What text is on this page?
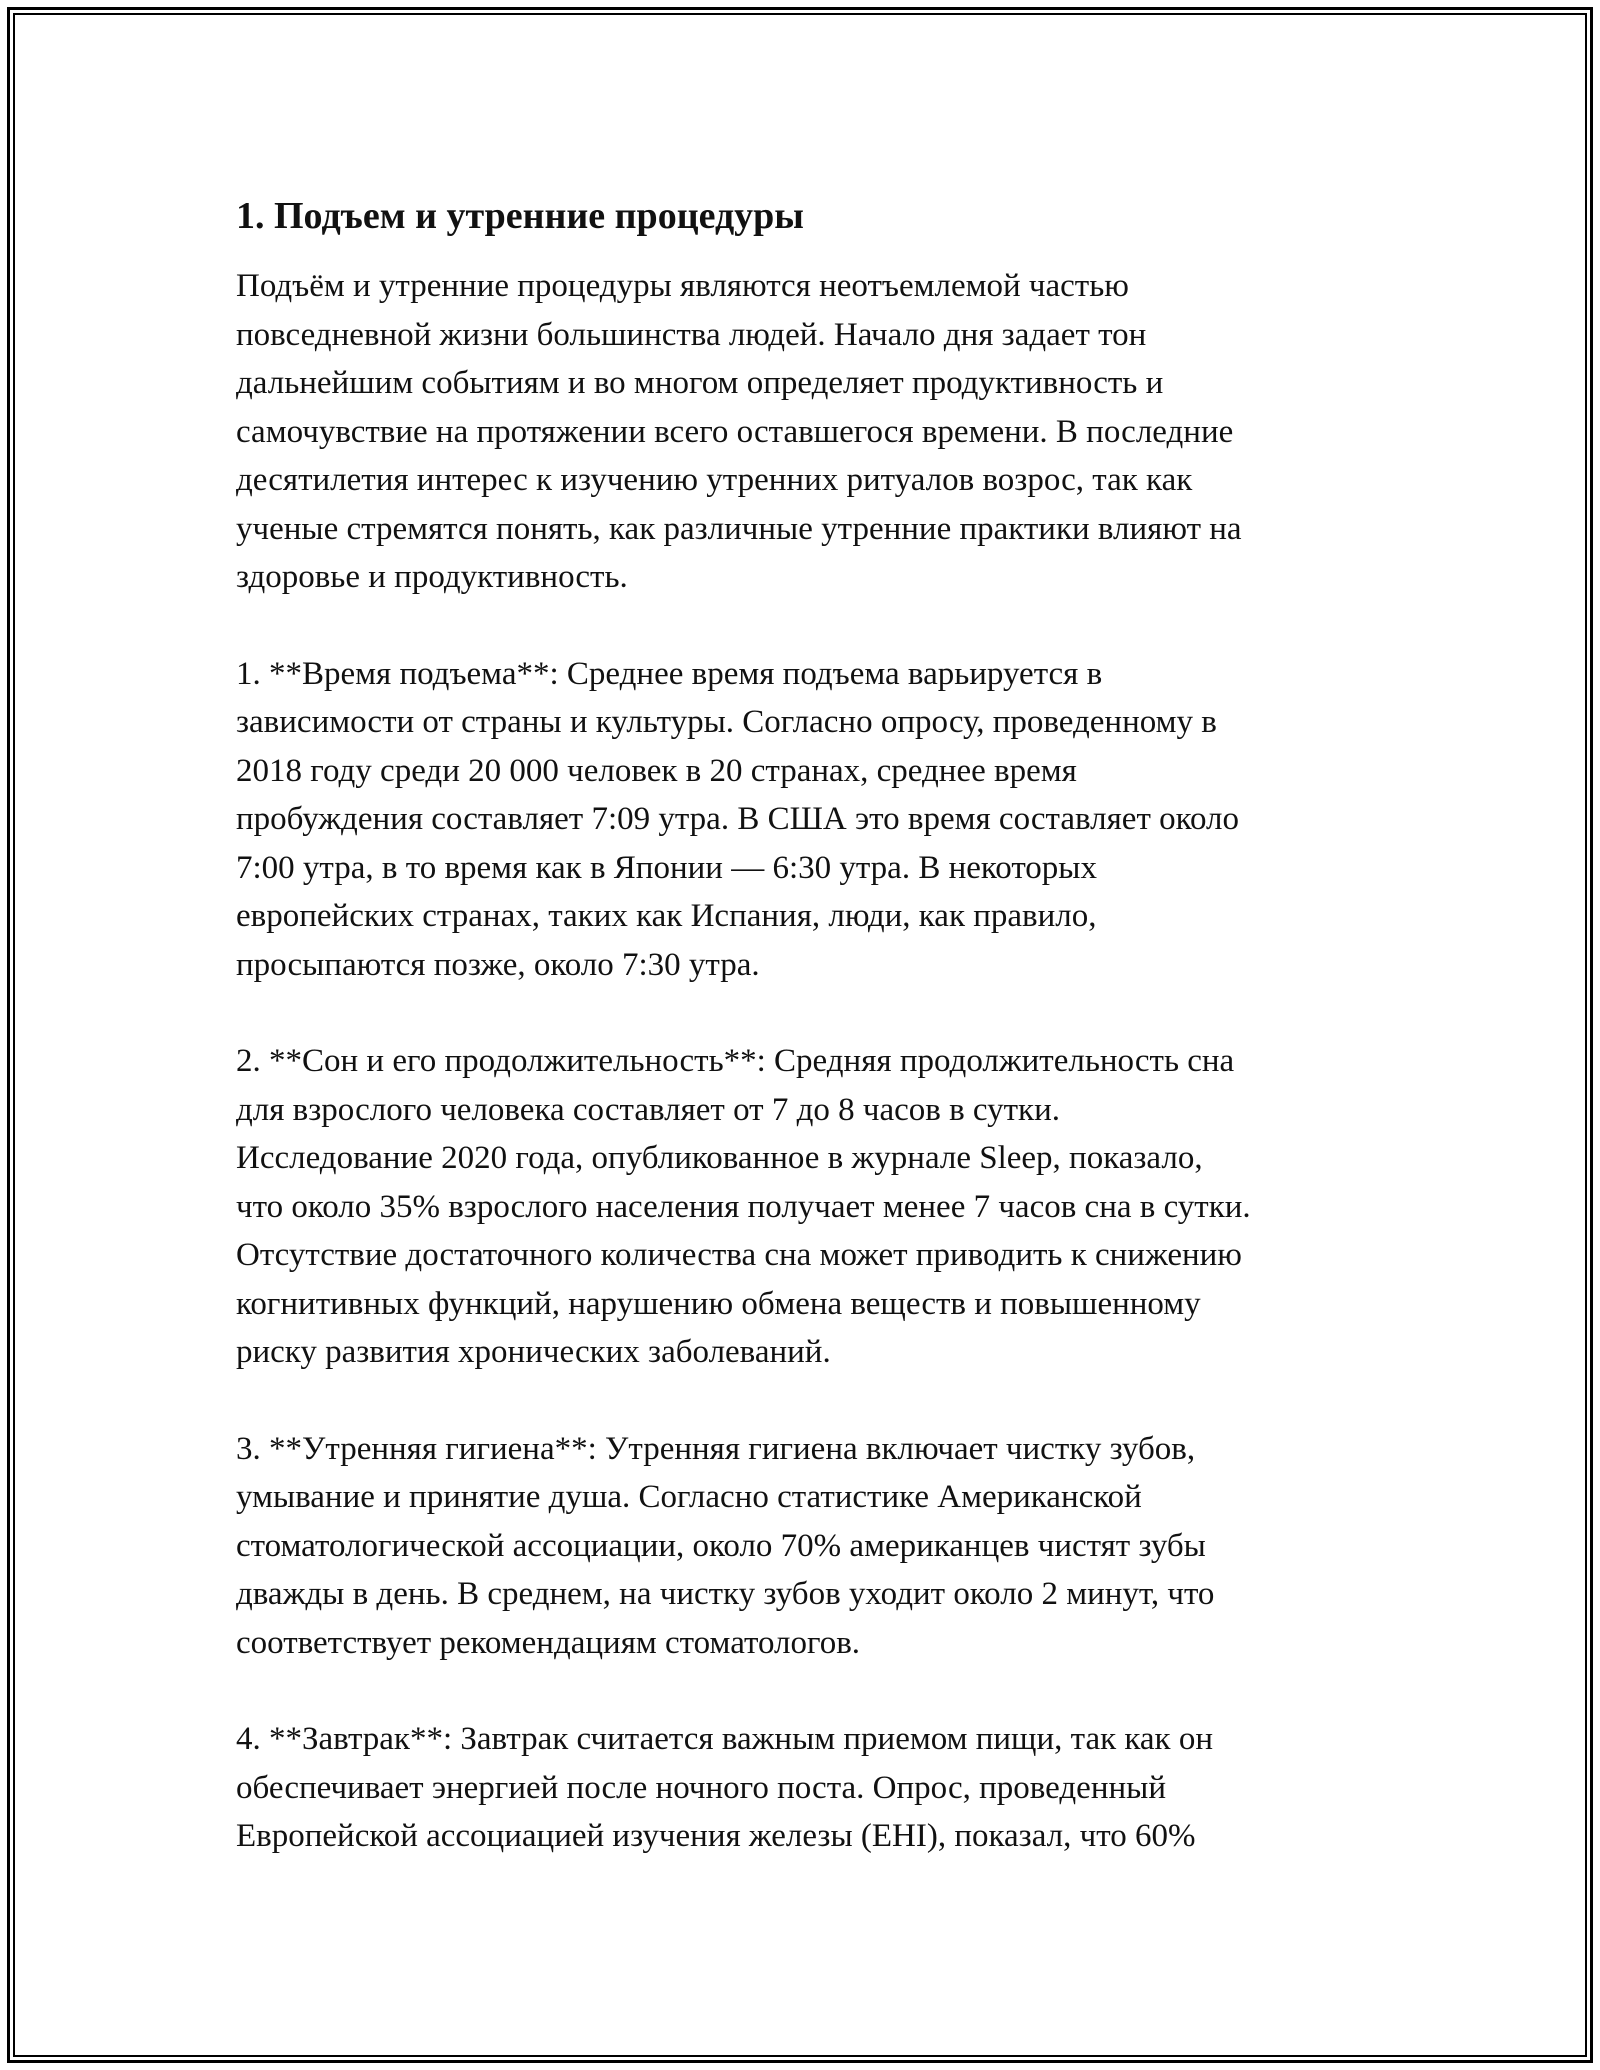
1. Подъем и утренние процедуры

Подъём и утренние процедуры являются неотъемлемой частью
повседневной жизни большинства людей. Начало дня задает тон
дальнейшим событиям и во многом определяет продуктивность и
самочувствие на протяжении всего оставшегося времени. В последние
десятилетия интерес к изучению утренних ритуалов возрос, так как
ученые стремятся понять, как различные утренние практики влияют на
здоровье и продуктивность.

1. **Время подъема**: Среднее время подъема варьируется в
зависимости от страны и культуры. Согласно опросу, проведенному в
2018 году среди 20 000 человек в 20 странах, среднее время
пробуждения составляет 7:09 утра. В США это время составляет около
7:00 утра, в то время как в Японии — 6:30 утра. В некоторых
европейских странах, таких как Испания, люди, как правило,
просыпаются позже, около 7:30 утра.

2. **Сон и его продолжительность**: Средняя продолжительность сна
для взрослого человека составляет от 7 до 8 часов в сутки.
Исследование 2020 года, опубликованное в журнале Sleep, показало,
что около 35% взрослого населения получает менее 7 часов сна в сутки.
Отсутствие достаточного количества сна может приводить к снижению
когнитивных функций, нарушению обмена веществ и повышенному
риску развития хронических заболеваний.

3. **Утренняя гигиена**: Утренняя гигиена включает чистку зубов,
умывание и принятие душа. Согласно статистике Американской
стоматологической ассоциации, около 70% американцев чистят зубы
дважды в день. В среднем, на чистку зубов уходит около 2 минут, что
соответствует рекомендациям стоматологов.

4. **Завтрак**: Завтрак считается важным приемом пищи, так как он
обеспечивает энергией после ночного поста. Опрос, проведенный
Европейской ассоциацией изучения железы (EHI), показал, что 60%
